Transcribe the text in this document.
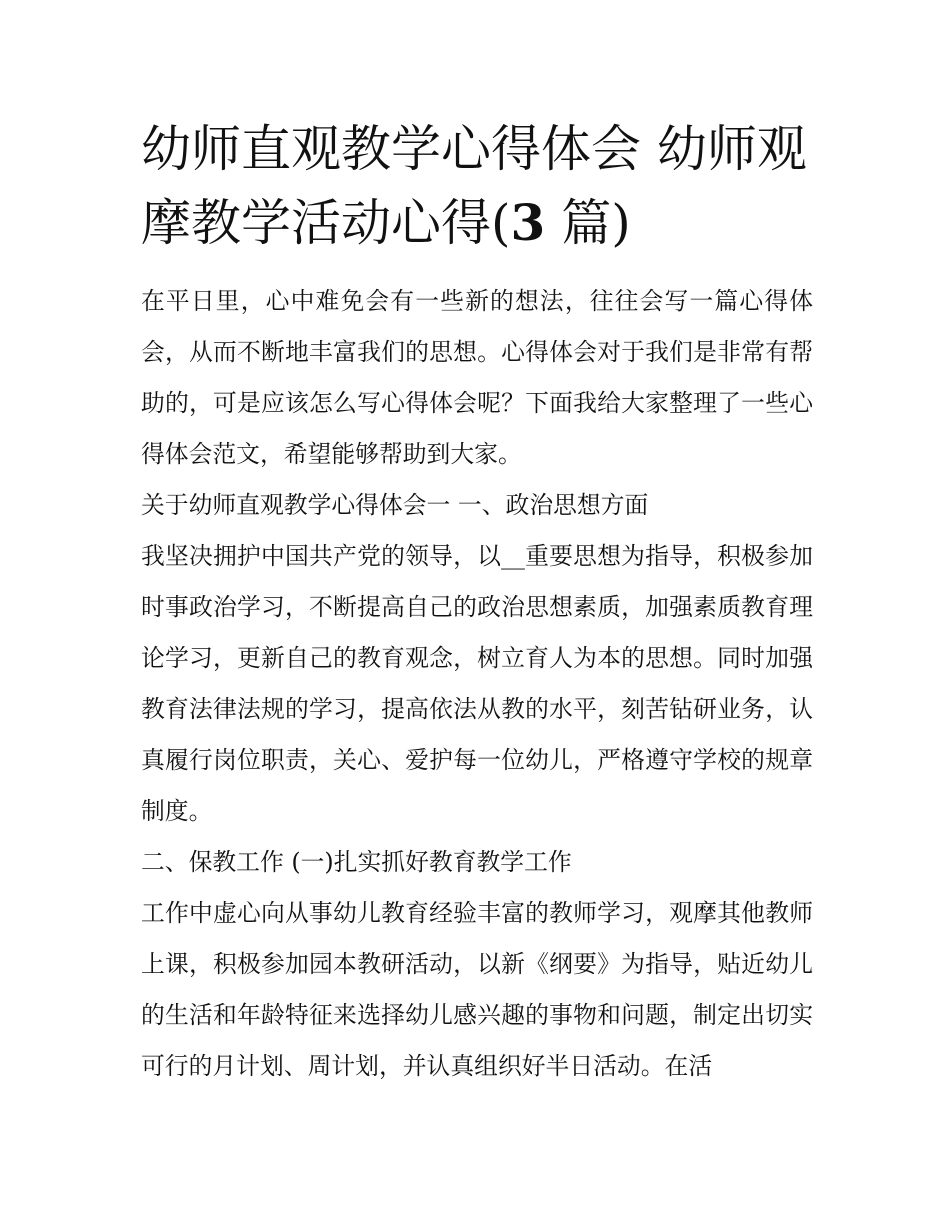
幼师直观教学心得体会 幼师观摩教学活动心得(3 篇)

在平日里，心中难免会有一些新的想法，往往会写一篇心得体会，从而不断地丰富我们的思想。心得体会对于我们是非常有帮助的，可是应该怎么写心得体会呢？下面我给大家整理了一些心得体会范文，希望能够帮助到大家。

关于幼师直观教学心得体会一 一、政治思想方面

我坚决拥护中国共产党的领导，以__重要思想为指导，积极参加时事政治学习，不断提高自己的政治思想素质，加强素质教育理论学习，更新自己的教育观念，树立育人为本的思想。同时加强教育法律法规的学习，提高依法从教的水平，刻苦钻研业务，认真履行岗位职责，关心、爱护每一位幼儿，严格遵守学校的规章制度。

二、保教工作 (一)扎实抓好教育教学工作

工作中虚心向从事幼儿教育经验丰富的教师学习，观摩其他教师上课，积极参加园本教研活动，以新《纲要》为指导，贴近幼儿的生活和年龄特征来选择幼儿感兴趣的事物和问题，制定出切实可行的月计划、周计划，并认真组织好半日活动。在活
